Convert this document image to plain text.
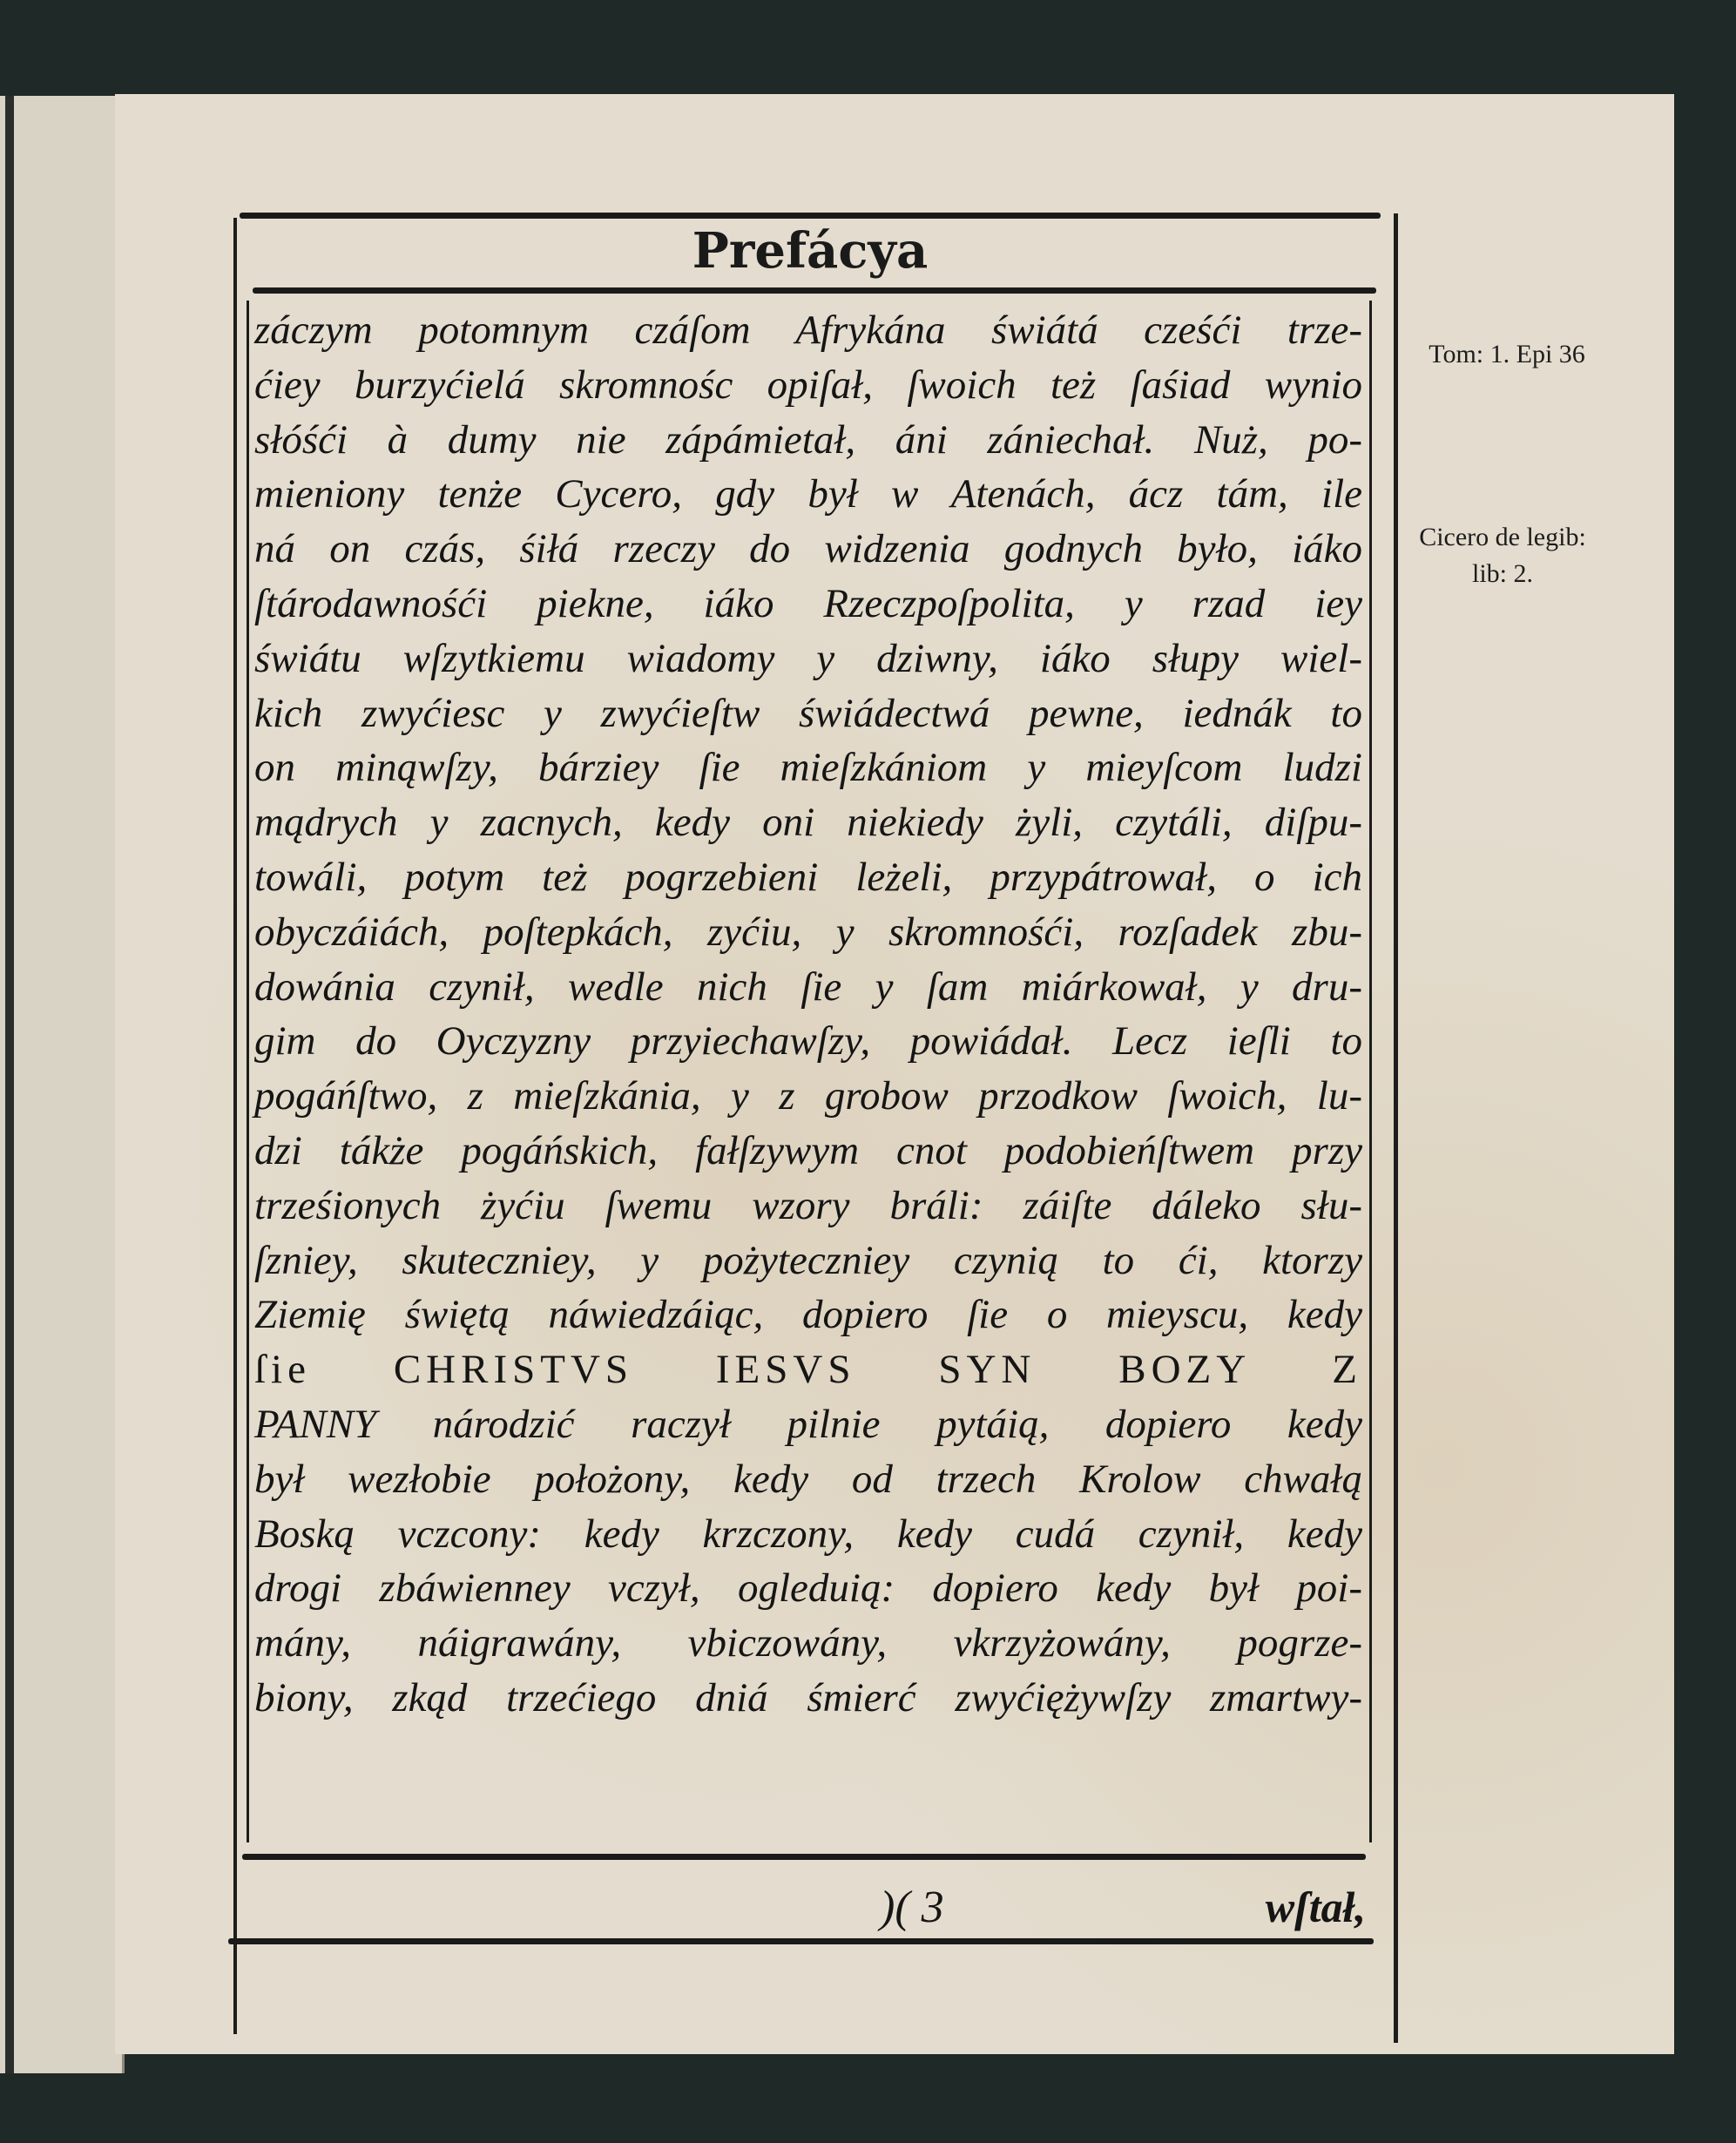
Prefácya
záczym potomnym czáſom Afrykána świátá cześći trze-
ćiey burzyćielá skromnośc opiſał, ſwoich też ſaśiad wynio
słóśći à dumy nie zápámietał, áni zániechał. Nuż, po-
mieniony tenże Cycero, gdy był w Atenách, ácz tám, ile
ná on czás, śiłá rzeczy do widzenia godnych było, iáko
ſtárodawnośći piekne, iáko Rzeczpoſpolita, y rzad iey
świátu wſzytkiemu wiadomy y dziwny, iáko słupy wiel-
kich zwyćiesc y zwyćieſtw świádectwá pewne, iednák to
on minąwſzy, bárziey ſie mieſzkániom y mieyſcom ludzi
mądrych y zacnych, kedy oni niekiedy żyli, czytáli, diſpu-
towáli, potym też pogrzebieni leżeli, przypátrował, o ich
obyczáiách, poſtepkách, zyćiu, y skromnośći, rozſadek zbu-
dowánia czynił, wedle nich ſie y ſam miárkował, y dru-
gim do Oyczyzny przyiechawſzy, powiádał. Lecz ieſli to
pogáńſtwo, z mieſzkánia, y z grobow przodkow ſwoich, lu-
dzi tákże pogáńskich, fałſzywym cnot podobieńſtwem przy
trześionych żyćiu ſwemu wzory bráli: záiſte dáleko słu-
ſzniey, skuteczniey, y pożyteczniey czynią to ći, ktorzy
Ziemię świętą náwiedzáiąc, dopiero ſie o mieyscu, kedy
ſie CHRISTVS IESVS SYN BOZY Z
PANNY národzić raczył pilnie pytáią, dopiero kedy
był wezłobie położony, kedy od trzech Krolow chwałą
Boską vczcony: kedy krzczony, kedy cudá czynił, kedy
drogi zbáwienney vczył, ogleduią: dopiero kedy był poi-
mány, náigrawány, vbiczowány, vkrzyżowány, pogrze-
biony, zkąd trzećiego dniá śmierć zwyćiężywſzy zmartwy-
)( 3	wſtał,
Tom: 1. Epi 36
Cicero de legib:
lib: 2.
